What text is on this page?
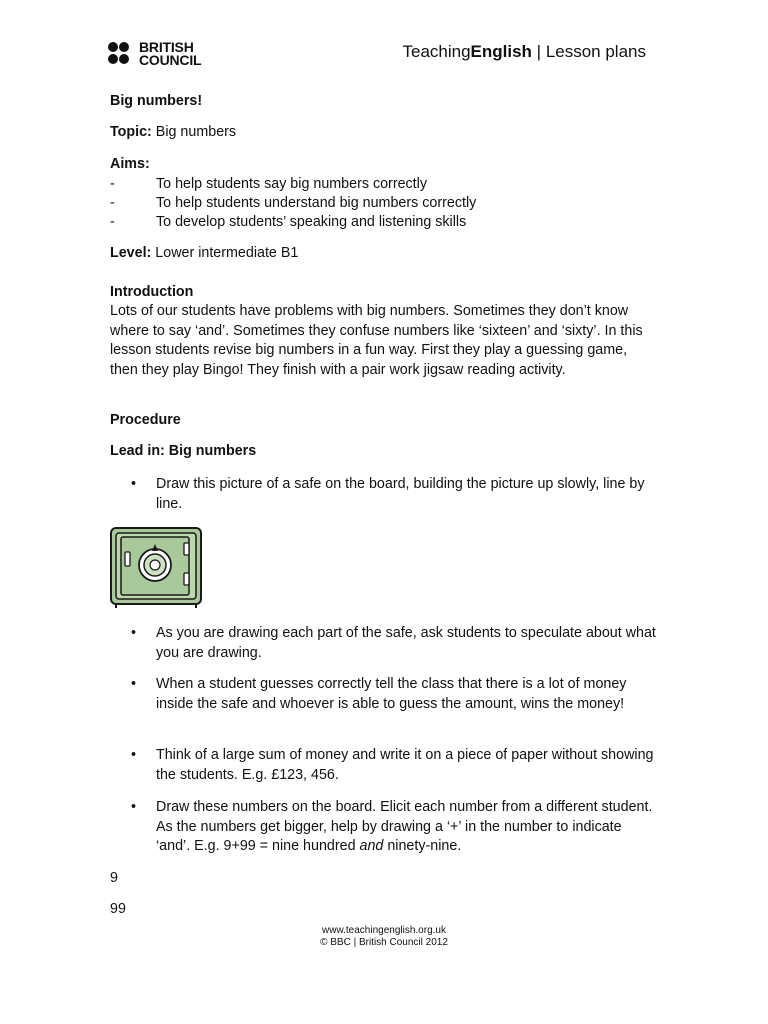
BRITISH
COUNCIL	TeachingEnglish | Lesson plans
Big numbers!
Topic: Big numbers
Aims:
-	To help students say big numbers correctly
-	To help students understand big numbers correctly
-	To develop students’ speaking and listening skills
Level: Lower intermediate B1
Introduction
Lots of our students have problems with big numbers. Sometimes they don’t know where to say ‘and’. Sometimes they confuse numbers like ‘sixteen’ and ‘sixty’. In this lesson students revise big numbers in a fun way. First they play a guessing game, then they play Bingo! They finish with a pair work jigsaw reading activity.
Procedure
Lead in: Big numbers
• Draw this picture of a safe on the board, building the picture up slowly, line by line.
• As you are drawing each part of the safe, ask students to speculate about what you are drawing.
• When a student guesses correctly tell the class that there is a lot of money inside the safe and whoever is able to guess the amount, wins the money!
• Think of a large sum of money and write it on a piece of paper without showing the students. E.g. £123, 456.
• Draw these numbers on the board. Elicit each number from a different student. As the numbers get bigger, help by drawing a ‘+’ in the number to indicate ‘and’. E.g. 9+99 = nine hundred and ninety-nine.
9
99
www.teachingenglish.org.uk
© BBC | British Council 2012
